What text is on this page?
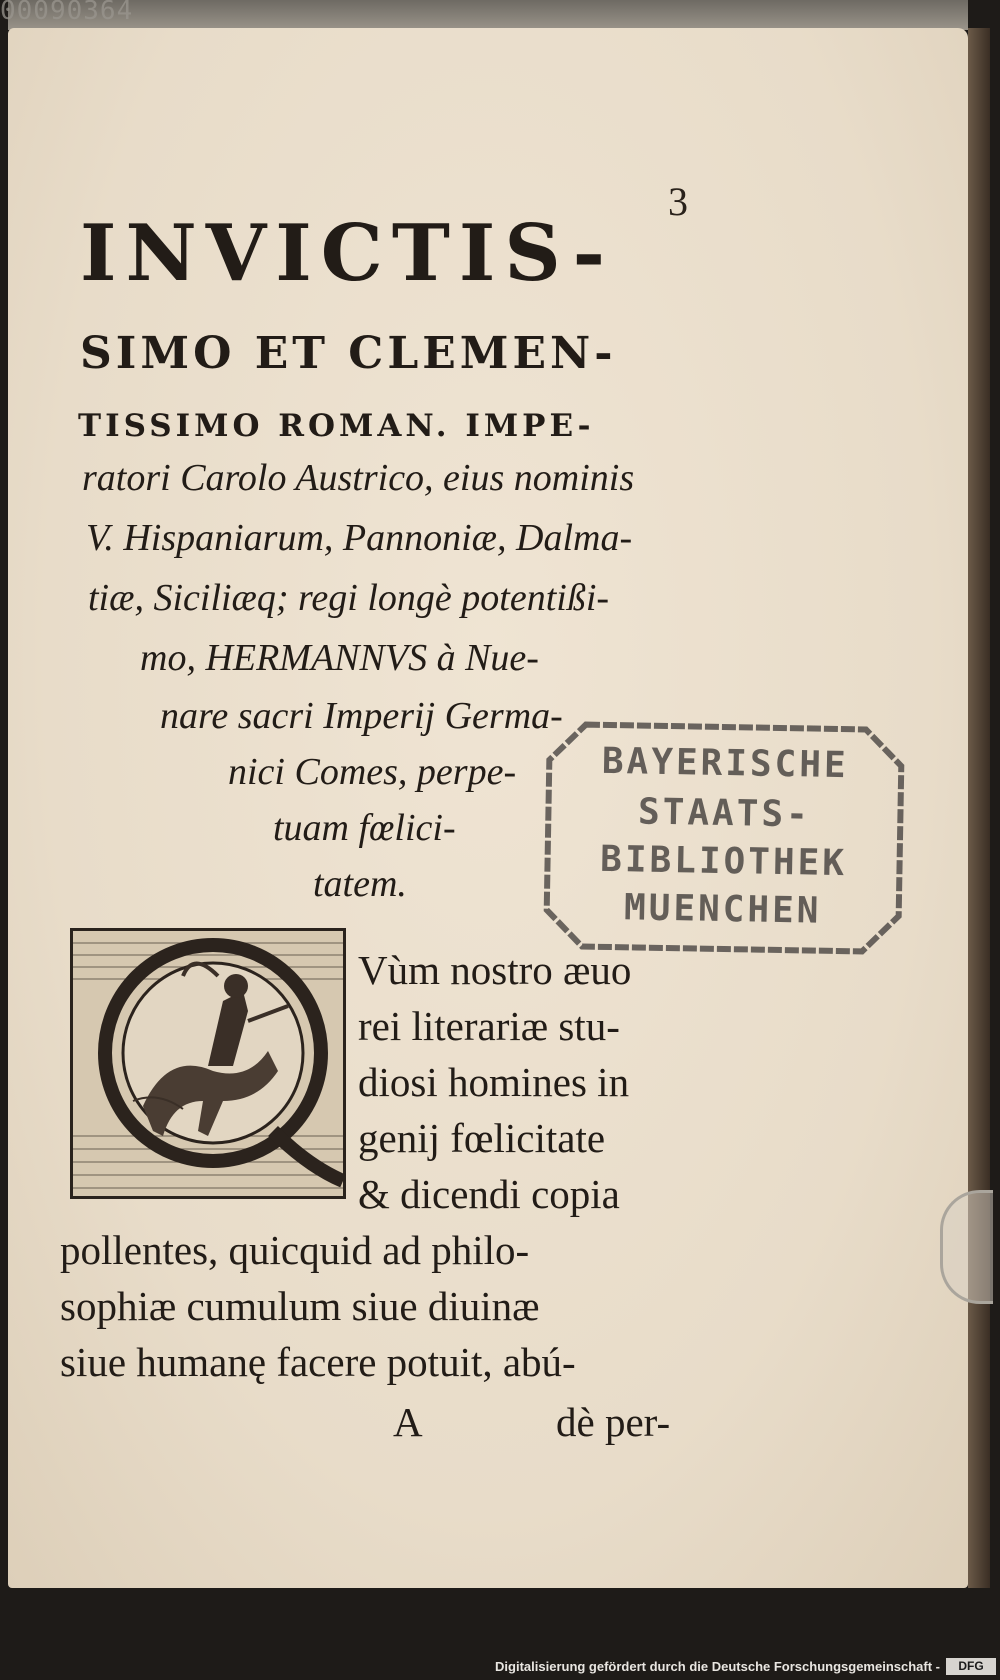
00090364
3

INVICTIS-

SIMO ET CLEMEN-

TISSIMO ROMAN. IMPE-

ratori Carolo Austrico, eius nominis

V. Hispaniarum, Pannoniæ, Dalma-

tiæ, Siciliæq; regi longè potentißi-

mo, HERMANNVS à Nue-

nare sacri Imperij Germa-

nici Comes, perpe-

tuam fœlici-

tatem.

Vùm nostro æuo

rei literariæ stu-

diosi homines in

genij fœlicitate

& dicendi copia

pollentes, quicquid ad philo-

sophiæ cumulum siue diuinæ

siue humanę facere potuit, abú-

A	dè per-

BAYERISCHE
STAATS-
BIBLIOTHEK
MUENCHEN
Digitalisierung gefördert durch die Deutsche Forschungsgemeinschaft -	DFG
